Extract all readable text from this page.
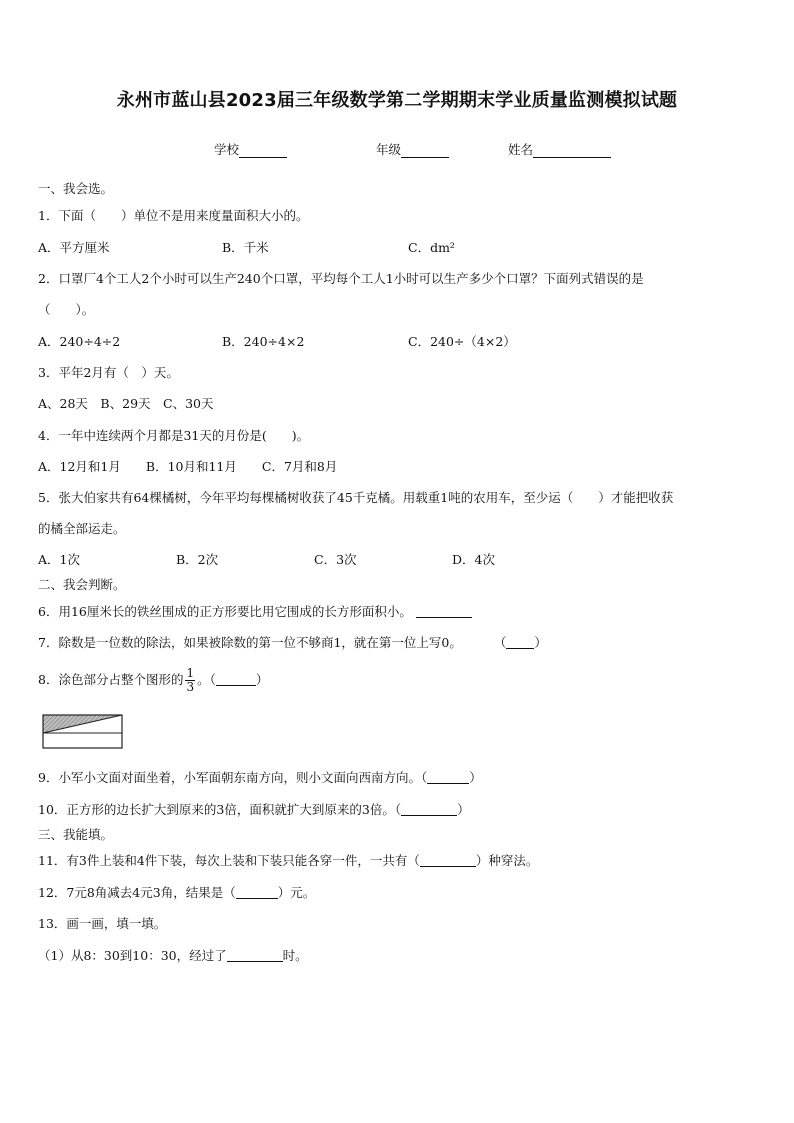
永州市蓝山县2023届三年级数学第二学期期末学业质量监测模拟试题
学校	年级	姓名
一、我会选。
1．下面（　　）单位不是用来度量面积大小的。
A．平方厘米	B．千米	C．dm²
2．口罩厂4个工人2个小时可以生产240个口罩，平均每个工人1小时可以生产多少个口罩？下面列式错误的是
（　　）。
A．240÷4÷2	B．240÷4×2	C．240÷（4×2）
3．平年2月有（　）天。
A、28天　B、29天　C、30天
4．一年中连续两个月都是31天的月份是(　　)。
A．12月和1月　　B．10月和11月　　C．7月和8月
5．张大伯家共有64棵橘树，今年平均每棵橘树收获了45千克橘。用载重1吨的农用车，至少运（　　）才能把收获
的橘全部运走。
A．1次	B．2次	C．3次	D．4次
二、我会判断。
6．用16厘米长的铁丝围成的正方形要比用它围成的长方形面积小。
7．除数是一位数的除法，如果被除数的第一位不够商1，就在第一位上写0。	（ ）
8．涂色部分占整个图形的 $\frac{1}{3}$ 。（	）
9．小军小文面对面坐着，小军面朝东南方向，则小文面向西南方向。（	）
10．正方形的边长扩大到原来的3倍，面积就扩大到原来的3倍。（	）
三、我能填。
11．有3件上装和4件下装，每次上装和下装只能各穿一件，一共有（	）种穿法。
12．7元8角减去4元3角，结果是（	）元。
13．画一画，填一填。
（1）从8：30到10：30，经过了	时。
